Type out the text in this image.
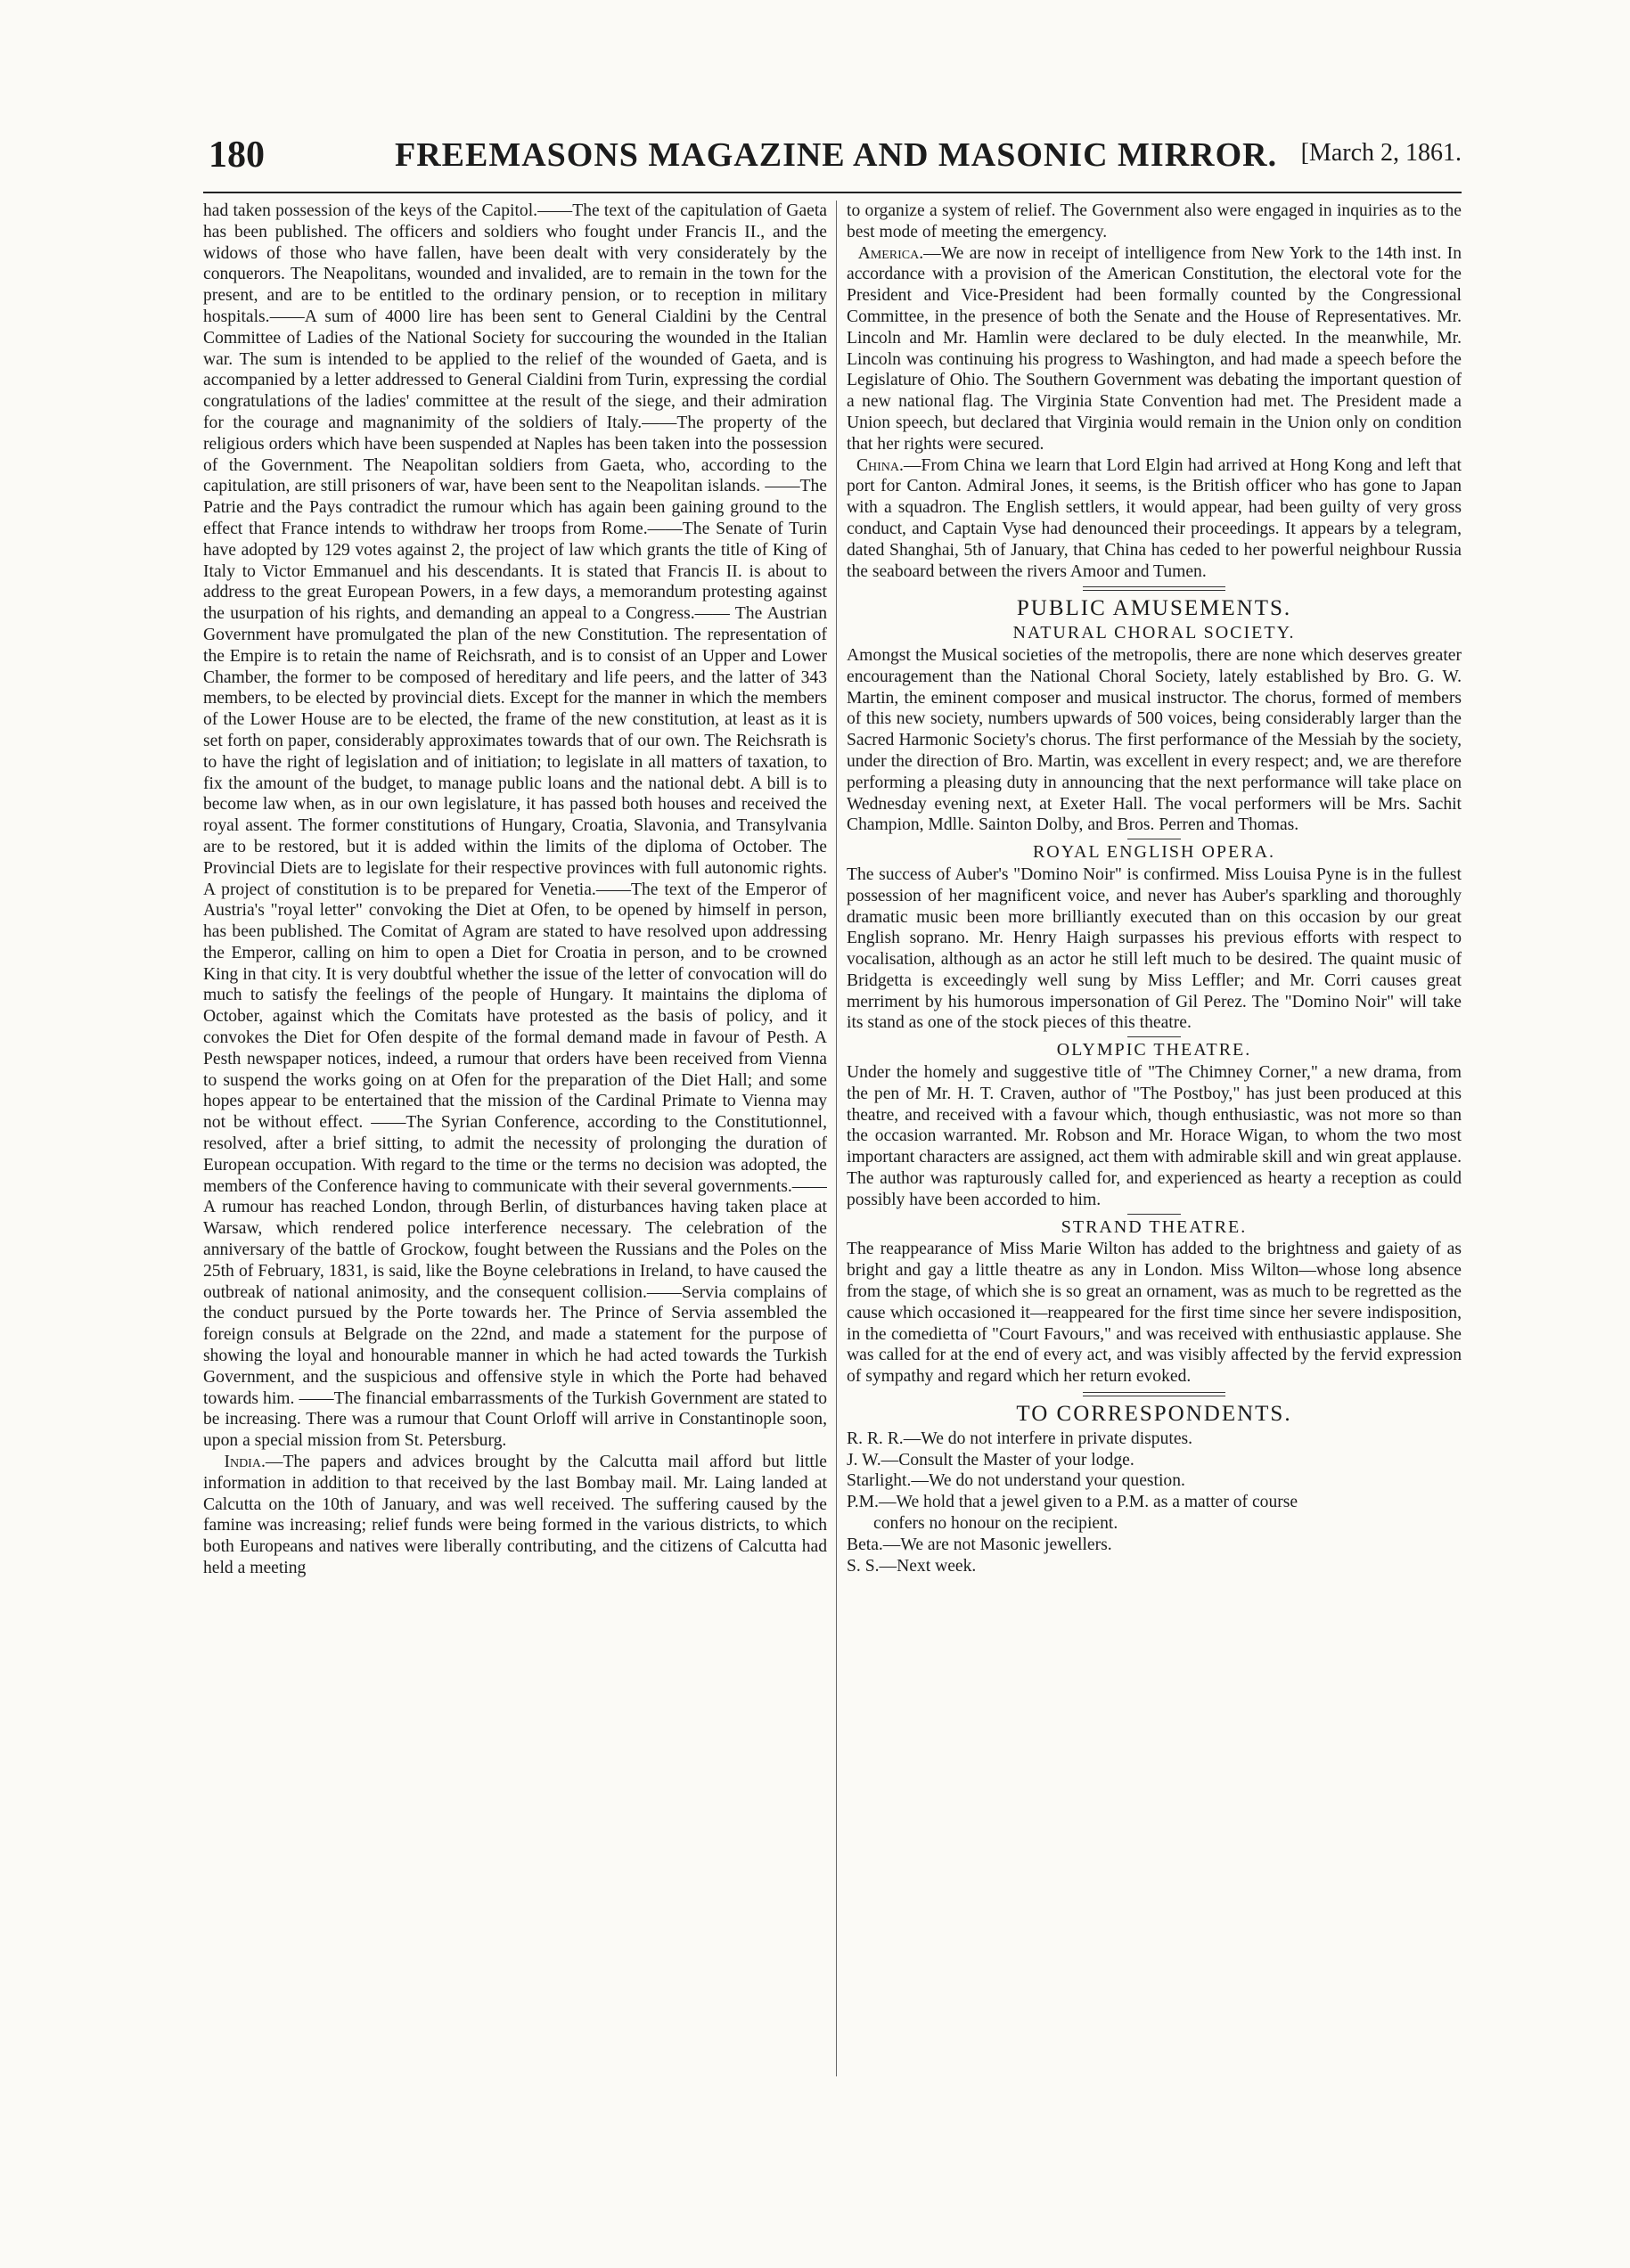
180	FREEMASONS MAGAZINE AND MASONIC MIRROR. [March 2, 1861.

had taken possession of the keys of the Capitol.——The text of the capitulation of Gaeta has been published. The officers and soldiers who fought under Francis II., and the widows of those who have fallen, have been dealt with very considerately by the conquerors. The Neapolitans, wounded and invalided, are to remain in the town for the present, and are to be entitled to the ordinary pension, or to reception in military hospitals.——A sum of 4000 lire has been sent to General Cialdini by the Central Committee of Ladies of the National Society for succouring the wounded in the Italian war. The sum is intended to be applied to the relief of the wounded of Gaeta, and is accompanied by a letter addressed to General Cialdini from Turin, expressing the cordial congratulations of the ladies' committee at the result of the siege, and their admiration for the courage and magnanimity of the soldiers of Italy.——The property of the religious orders which have been suspended at Naples has been taken into the possession of the Government. The Neapolitan soldiers from Gaeta, who, according to the capitulation, are still prisoners of war, have been sent to the Neapolitan islands. ——The Patrie and the Pays contradict the rumour which has again been gaining ground to the effect that France intends to withdraw her troops from Rome.——The Senate of Turin have adopted by 129 votes against 2, the project of law which grants the title of King of Italy to Victor Emmanuel and his descendants. It is stated that Francis II. is about to address to the great European Powers, in a few days, a memorandum protesting against the usurpation of his rights, and demanding an appeal to a Congress.—— The Austrian Government have promulgated the plan of the new Constitution. The representation of the Empire is to retain the name of Reichsrath, and is to consist of an Upper and Lower Chamber, the former to be composed of hereditary and life peers, and the latter of 343 members, to be elected by provincial diets. Except for the manner in which the members of the Lower House are to be elected, the frame of the new constitution, at least as it is set forth on paper, considerably approximates towards that of our own. The Reichsrath is to have the right of legislation and of initiation; to legislate in all matters of taxation, to fix the amount of the budget, to manage public loans and the national debt. A bill is to become law when, as in our own legislature, it has passed both houses and received the royal assent. The former constitutions of Hungary, Croatia, Slavonia, and Transylvania are to be restored, but it is added within the limits of the diploma of October. The Provincial Diets are to legislate for their respective provinces with full autonomic rights. A project of constitution is to be prepared for Venetia.——The text of the Emperor of Austria's "royal letter" convoking the Diet at Ofen, to be opened by himself in person, has been published. The Comitat of Agram are stated to have resolved upon addressing the Emperor, calling on him to open a Diet for Croatia in person, and to be crowned King in that city. It is very doubtful whether the issue of the letter of convocation will do much to satisfy the feelings of the people of Hungary. It maintains the diploma of October, against which the Comitats have protested as the basis of policy, and it convokes the Diet for Ofen despite of the formal demand made in favour of Pesth. A Pesth newspaper notices, indeed, a rumour that orders have been received from Vienna to suspend the works going on at Ofen for the preparation of the Diet Hall; and some hopes appear to be entertained that the mission of the Cardinal Primate to Vienna may not be without effect. ——The Syrian Conference, according to the Constitutionnel, resolved, after a brief sitting, to admit the necessity of prolonging the duration of European occupation. With regard to the time or the terms no decision was adopted, the members of the Conference having to communicate with their several governments.——A rumour has reached London, through Berlin, of disturbances having taken place at Warsaw, which rendered police interference necessary. The celebration of the anniversary of the battle of Grockow, fought between the Russians and the Poles on the 25th of February, 1831, is said, like the Boyne celebrations in Ireland, to have caused the outbreak of national animosity, and the consequent collision.——Servia complains of the conduct pursued by the Porte towards her. The Prince of Servia assembled the foreign consuls at Belgrade on the 22nd, and made a statement for the purpose of showing the loyal and honourable manner in which he had acted towards the Turkish Government, and the suspicious and offensive style in which the Porte had behaved towards him. ——The financial embarrassments of the Turkish Government are stated to be increasing. There was a rumour that Count Orloff will arrive in Constantinople soon, upon a special mission from St. Petersburg.

India.—The papers and advices brought by the Calcutta mail afford but little information in addition to that received by the last Bombay mail. Mr. Laing landed at Calcutta on the 10th of January, and was well received. The suffering caused by the famine was increasing; relief funds were being formed in the various districts, to which both Europeans and natives were liberally contributing, and the citizens of Calcutta had held a meeting

to organize a system of relief. The Government also were engaged in inquiries as to the best mode of meeting the emergency.

America.—We are now in receipt of intelligence from New York to the 14th inst. In accordance with a provision of the American Constitution, the electoral vote for the President and Vice-President had been formally counted by the Congressional Committee, in the presence of both the Senate and the House of Representatives. Mr. Lincoln and Mr. Hamlin were declared to be duly elected. In the meanwhile, Mr. Lincoln was continuing his progress to Washington, and had made a speech before the Legislature of Ohio. The Southern Government was debating the important question of a new national flag. The Virginia State Convention had met. The President made a Union speech, but declared that Virginia would remain in the Union only on condition that her rights were secured.

China.—From China we learn that Lord Elgin had arrived at Hong Kong and left that port for Canton. Admiral Jones, it seems, is the British officer who has gone to Japan with a squadron. The English settlers, it would appear, had been guilty of very gross conduct, and Captain Vyse had denounced their proceedings. It appears by a telegram, dated Shanghai, 5th of January, that China has ceded to her powerful neighbour Russia the seaboard between the rivers Amoor and Tumen.

PUBLIC AMUSEMENTS.
NATURAL CHORAL SOCIETY.

Amongst the Musical societies of the metropolis, there are none which deserves greater encouragement than the National Choral Society, lately established by Bro. G. W. Martin, the eminent composer and musical instructor. The chorus, formed of members of this new society, numbers upwards of 500 voices, being considerably larger than the Sacred Harmonic Society's chorus. The first performance of the Messiah by the society, under the direction of Bro. Martin, was excellent in every respect; and, we are therefore performing a pleasing duty in announcing that the next performance will take place on Wednesday evening next, at Exeter Hall. The vocal performers will be Mrs. Sachit Champion, Mdlle. Sainton Dolby, and Bros. Perren and Thomas.

ROYAL ENGLISH OPERA.

The success of Auber's "Domino Noir" is confirmed. Miss Louisa Pyne is in the fullest possession of her magnificent voice, and never has Auber's sparkling and thoroughly dramatic music been more brilliantly executed than on this occasion by our great English soprano. Mr. Henry Haigh surpasses his previous efforts with respect to vocalisation, although as an actor he still left much to be desired. The quaint music of Bridgetta is exceedingly well sung by Miss Leffler; and Mr. Corri causes great merriment by his humorous impersonation of Gil Perez. The "Domino Noir" will take its stand as one of the stock pieces of this theatre.

OLYMPIC THEATRE.

Under the homely and suggestive title of "The Chimney Corner," a new drama, from the pen of Mr. H. T. Craven, author of "The Postboy," has just been produced at this theatre, and received with a favour which, though enthusiastic, was not more so than the occasion warranted. Mr. Robson and Mr. Horace Wigan, to whom the two most important characters are assigned, act them with admirable skill and win great applause. The author was rapturously called for, and experienced as hearty a reception as could possibly have been accorded to him.

STRAND THEATRE.

The reappearance of Miss Marie Wilton has added to the brightness and gaiety of as bright and gay a little theatre as any in London. Miss Wilton—whose long absence from the stage, of which she is so great an ornament, was as much to be regretted as the cause which occasioned it—reappeared for the first time since her severe indisposition, in the comedietta of "Court Favours," and was received with enthusiastic applause. She was called for at the end of every act, and was visibly affected by the fervid expression of sympathy and regard which her return evoked.

TO CORRESPONDENTS.

R. R. R.—We do not interfere in private disputes.

J. W.—Consult the Master of your lodge.

Starlight.—We do not understand your question.

P.M.—We hold that a jewel given to a P.M. as a matter of course

confers no honour on the recipient.

Beta.—We are not Masonic jewellers.

S. S.—Next week.
